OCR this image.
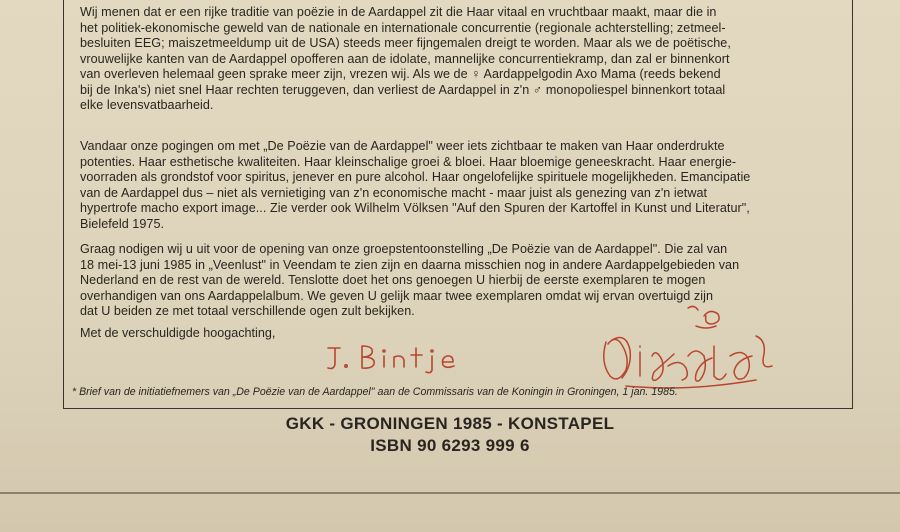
Wij menen dat er een rijke traditie van poëzie in de Aardappel zit die Haar vitaal en vruchtbaar maakt, maar die in
het politiek-ekonomische geweld van de nationale en internationale concurrentie (regionale achterstelling; zetmeel-
besluiten EEG; maiszetmeeldump uit de USA) steeds meer fijngemalen dreigt te worden. Maar als we de poëtische,
vrouwelijke kanten van de Aardappel opofferen aan de idolate, mannelijke concurrentiekramp, dan zal er binnenkort
van overleven helemaal geen sprake meer zijn, vrezen wij. Als we de ♀ Aardappelgodin Axo Mama (reeds bekend
bij de Inka's) niet snel Haar rechten teruggeven, dan verliest de Aardappel in z'n ♂ monopoliespel binnenkort totaal
elke levensvatbaarheid.
Vandaar onze pogingen om met „De Poëzie van de Aardappel" weer iets zichtbaar te maken van Haar onderdrukte
potenties. Haar esthetische kwaliteiten. Haar kleinschalige groei & bloei. Haar bloemige geneeskracht. Haar energie-
voorraden als grondstof voor spiritus, jenever en pure alcohol. Haar ongelofelijke spirituele mogelijkheden. Emancipatie
van de Aardappel dus – niet als vernietiging van z'n economische macht - maar juist als genezing van z'n ietwat
hypertrofe macho export image... Zie verder ook Wilhelm Völksen "Auf den Spuren der Kartoffel in Kunst und Literatur",
Bielefeld 1975.
Graag nodigen wij u uit voor de opening van onze groepstentoonstelling „De Poëzie van de Aardappel". Die zal van
18 mei-13 juni 1985 in „Veenlust" in Veendam te zien zijn en daarna misschien nog in andere Aardappelgebieden van
Nederland en de rest van de wereld. Tenslotte doet het ons genoegen U hierbij de eerste exemplaren te mogen
overhandigen van ons Aardappelalbum. We geven U gelijk maar twee exemplaren omdat wij ervan overtuigd zijn
dat U beiden ze met totaal verschillende ogen zult bekijken.
Met de verschuldigde hoogachting,
* Brief van de initiatiefnemers van „De Poëzie van de Aardappel" aan de Commissaris van de Koningin in Groningen, 1 jan. 1985.
GKK - GRONINGEN 1985 - KONSTAPEL
ISBN 90 6293 999 6
